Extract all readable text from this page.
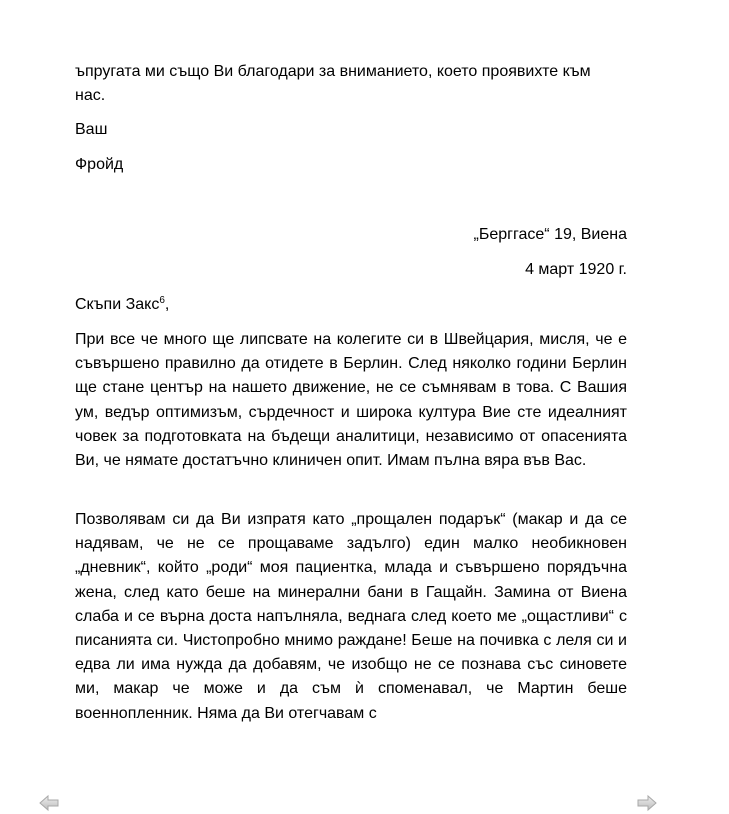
ъпругата ми също Ви благодари за вниманието, което проявихте към

нас.

Ваш

Фройд

„Берггасе“ 19, Виена

4 март 1920 г.

Скъпи Закс$^6$,

При все че много ще липсвате на колегите си в Швейцария, мисля, че е съвършено правилно да отидете в Берлин. След няколко години Берлин ще стане център на нашето движение, не се съмнявам в това. С Вашия ум, ведър оптимизъм, сърдечност и широка култура Вие сте идеалният човек за подготовката на бъдещи аналитици, независимо от опасенията Ви, че нямате достатъчно клиничен опит. Имам пълна вяра във Вас.

Позволявам си да Ви изпратя като „прощален подарък“ (макар и да се надявам, че не се прощаваме задълго) един малко необикновен „дневник“, който „роди“ моя пациентка, млада и съвършено порядъчна жена, след като беше на минерални бани в Гащайн. Замина от Виена слаба и се върна доста напълняла, веднага след което ме „ощастливи“ с писанията си. Чистопробно мнимо раждане! Беше на почивка с леля си и едва ли има нужда да добавям, че изобщо не се познава със синовете ми, макар че може и да съм ѝ споменавал, че Мартин беше военнопленник. Няма да Ви отегчавам с
